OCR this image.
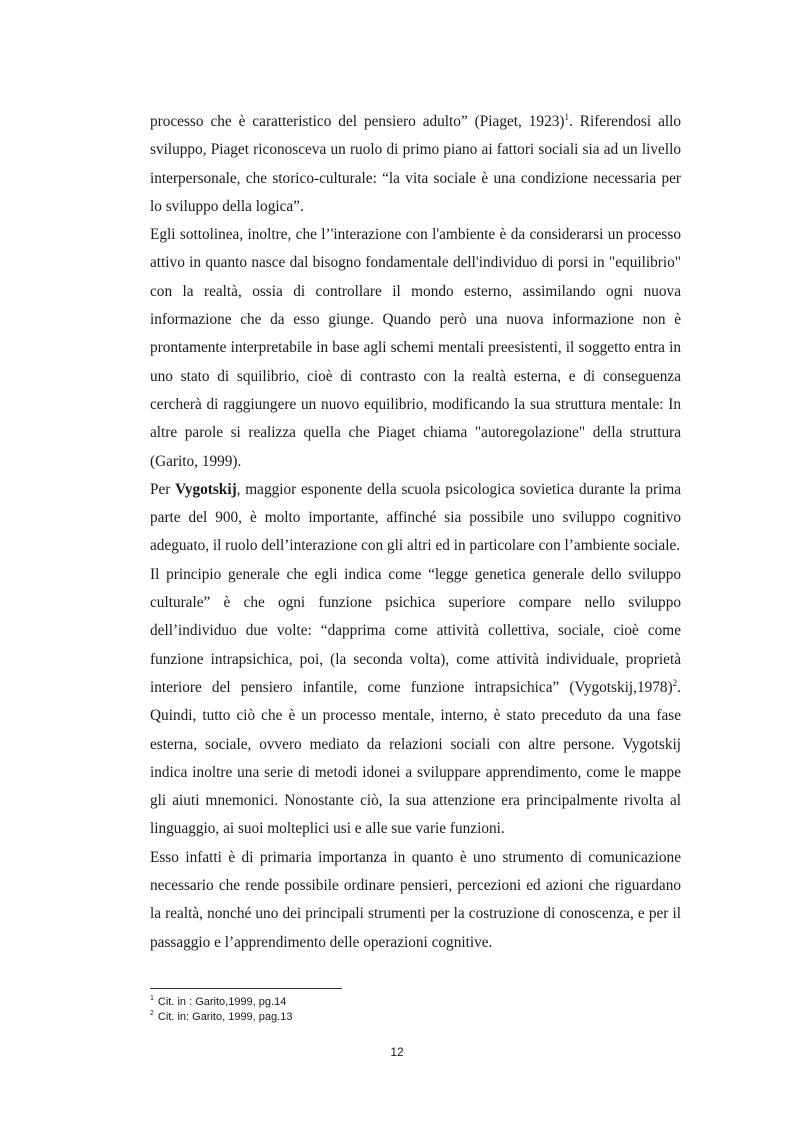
processo che è caratteristico del pensiero adulto” (Piaget, 1923)$^1$. Riferendosi allo sviluppo, Piaget riconosceva un ruolo di primo piano ai fattori sociali sia ad un livello interpersonale, che storico-culturale: “la vita sociale è una condizione necessaria per lo sviluppo della logica”.

Egli sottolinea, inoltre, che l’'interazione con l'ambiente è da considerarsi un processo attivo in quanto nasce dal bisogno fondamentale dell'individuo di porsi in "equilibrio" con la realtà, ossia di controllare il mondo esterno, assimilando ogni nuova informazione che da esso giunge. Quando però una nuova informazione non è prontamente interpretabile in base agli schemi mentali preesistenti, il soggetto entra in uno stato di squilibrio, cioè di contrasto con la realtà esterna, e di conseguenza cercherà di raggiungere un nuovo equilibrio, modificando la sua struttura mentale: In altre parole si realizza quella che Piaget chiama "autoregolazione" della struttura (Garito, 1999).

Per Vygotskij, maggior esponente della scuola psicologica sovietica durante la prima parte del 900, è molto importante, affinché sia possibile uno sviluppo cognitivo adeguato, il ruolo dell’interazione con gli altri ed in particolare con l’ambiente sociale.

Il principio generale che egli indica come “legge genetica generale dello sviluppo culturale” è che ogni funzione psichica superiore compare nello sviluppo dell’individuo due volte: “dapprima come attività collettiva, sociale, cioè come funzione intrapsichica, poi, (la seconda volta), come attività individuale, proprietà interiore del pensiero infantile, come funzione intrapsichica” (Vygotskij,1978)$^2$. Quindi, tutto ciò che è un processo mentale, interno, è stato preceduto da una fase esterna, sociale, ovvero mediato da relazioni sociali con altre persone. Vygotskij indica inoltre una serie di metodi idonei a sviluppare apprendimento, come le mappe gli aiuti mnemonici. Nonostante ciò, la sua attenzione era principalmente rivolta al linguaggio, ai suoi molteplici usi e alle sue varie funzioni.

Esso infatti è di primaria importanza in quanto è uno strumento di comunicazione necessario che rende possibile ordinare pensieri, percezioni ed azioni che riguardano la realtà, nonché uno dei principali strumenti per la costruzione di conoscenza, e per il passaggio e l’apprendimento delle operazioni cognitive.

$^1$ Cit. in : Garito,1999, pg.14
$^2$ Cit. in: Garito, 1999, pag.13
12
